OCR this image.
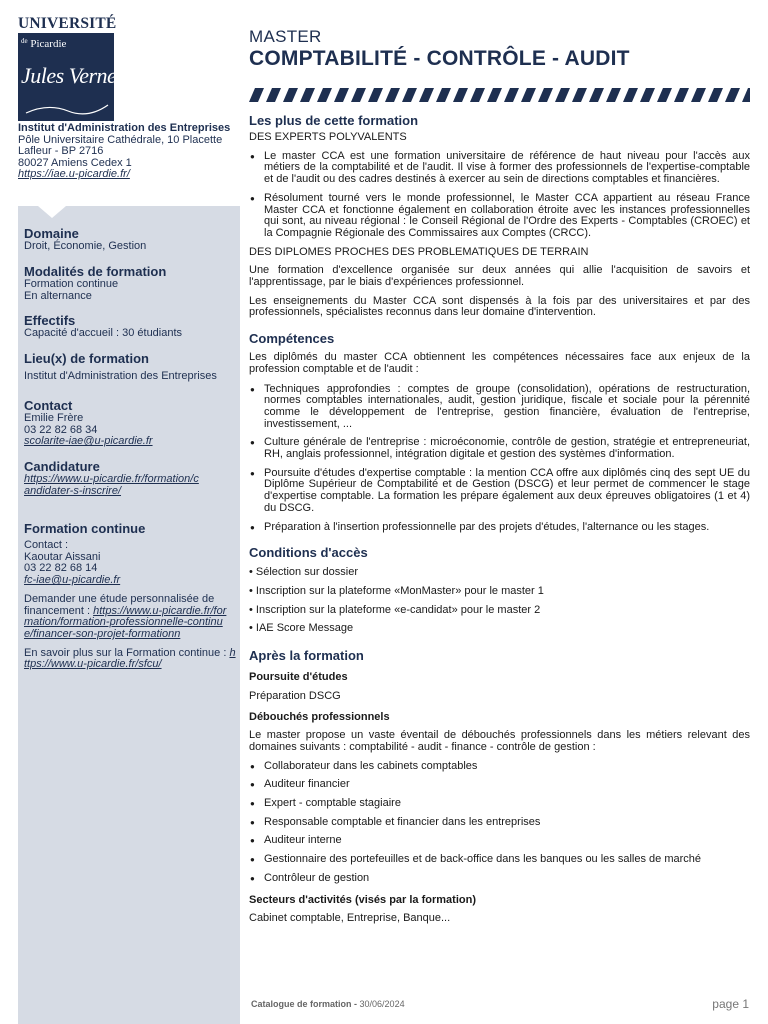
UNIVERSITÉ
$^{de}$ Picardie
Jules Verne
Institut d'Administration des Entreprises
Pôle Universitaire Cathédrale, 10 Placette
Lafleur - BP 2716
80027 Amiens Cedex 1
https://iae.u-picardie.fr/
Domaine
Droit, Économie, Gestion
Modalités de formation
Formation continue
En alternance
Effectifs
Capacité d'accueil : 30 étudiants
Lieu(x) de formation
Institut d'Administration des Entreprises
Contact
Emilie Frère
03 22 82 68 34
scolarite-iae@u-picardie.fr
Candidature
https://www.u-picardie.fr/formation/candidater-s-inscrire/
Formation continue

Contact :
Kaoutar Aissani
03 22 82 68 14
fc-iae@u-picardie.fr

Demander une étude personnalisée de financement : https://www.u-picardie.fr/formation/formation-professionnelle-continue/financer-son-projet-formationn

En savoir plus sur la Formation continue : https://www.u-picardie.fr/sfcu/

MASTER
COMPTABILITÉ - CONTRÔLE - AUDIT
Les plus de cette formation
DES EXPERTS POLYVALENTS
● Le master CCA est une formation universitaire de référence de haut niveau pour l'accès aux métiers de la comptabilité et de l'audit. Il vise à former des professionnels de l'expertise-comptable et de l'audit ou des cadres destinés à exercer au sein de directions comptables et financières.
● Résolument tourné vers le monde professionnel, le Master CCA appartient au réseau France Master CCA et fonctionne également en collaboration étroite avec les instances professionnelles qui sont, au niveau régional : le Conseil Régional de l'Ordre des Experts - Comptables (CROEC) et la Compagnie Régionale des Commissaires aux Comptes (CRCC).
DES DIPLOMES PROCHES DES PROBLEMATIQUES DE TERRAIN
Une formation d'excellence organisée sur deux années qui allie l'acquisition de savoirs et l'apprentissage, par le biais d'expériences professionnel.
Les enseignements du Master CCA sont dispensés à la fois par des universitaires et par des professionnels, spécialistes reconnus dans leur domaine d'intervention.
Compétences
Les diplômés du master CCA obtiennent les compétences nécessaires face aux enjeux de la profession comptable et de l'audit :
● Techniques approfondies : comptes de groupe (consolidation), opérations de restructuration, normes comptables internationales, audit, gestion juridique, fiscale et sociale pour la pérennité comme le développement de l'entreprise, gestion financière, évaluation de l'entreprise, investissement, ...
● Culture générale de l'entreprise : microéconomie, contrôle de gestion, stratégie et entrepreneuriat, RH, anglais professionnel, intégration digitale et gestion des systèmes d'information.
● Poursuite d'études d'expertise comptable : la mention CCA offre aux diplômés cinq des sept UE du Diplôme Supérieur de Comptabilité et de Gestion (DSCG) et leur permet de commencer le stage d'expertise comptable. La formation les prépare également aux deux épreuves obligatoires (1 et 4) du DSCG.
● Préparation à l'insertion professionnelle par des projets d'études, l'alternance ou les stages.
Conditions d'accès
• Sélection sur dossier
• Inscription sur la plateforme «MonMaster» pour le master 1
• Inscription sur la plateforme «e-candidat» pour le master 2
• IAE Score Message
Après la formation
Poursuite d'études
Préparation DSCG
Débouchés professionnels
Le master propose un vaste éventail de débouchés professionnels dans les métiers relevant des domaines suivants : comptabilité - audit - finance - contrôle de gestion :
● Collaborateur dans les cabinets comptables
● Auditeur financier
● Expert - comptable stagiaire
● Responsable comptable et financier dans les entreprises
● Auditeur interne
● Gestionnaire des portefeuilles et de back-office dans les banques ou les salles de marché
● Contrôleur de gestion
Secteurs d'activités (visés par la formation)
Cabinet comptable, Entreprise, Banque...
Catalogue de formation - 30/06/2024	page 1
